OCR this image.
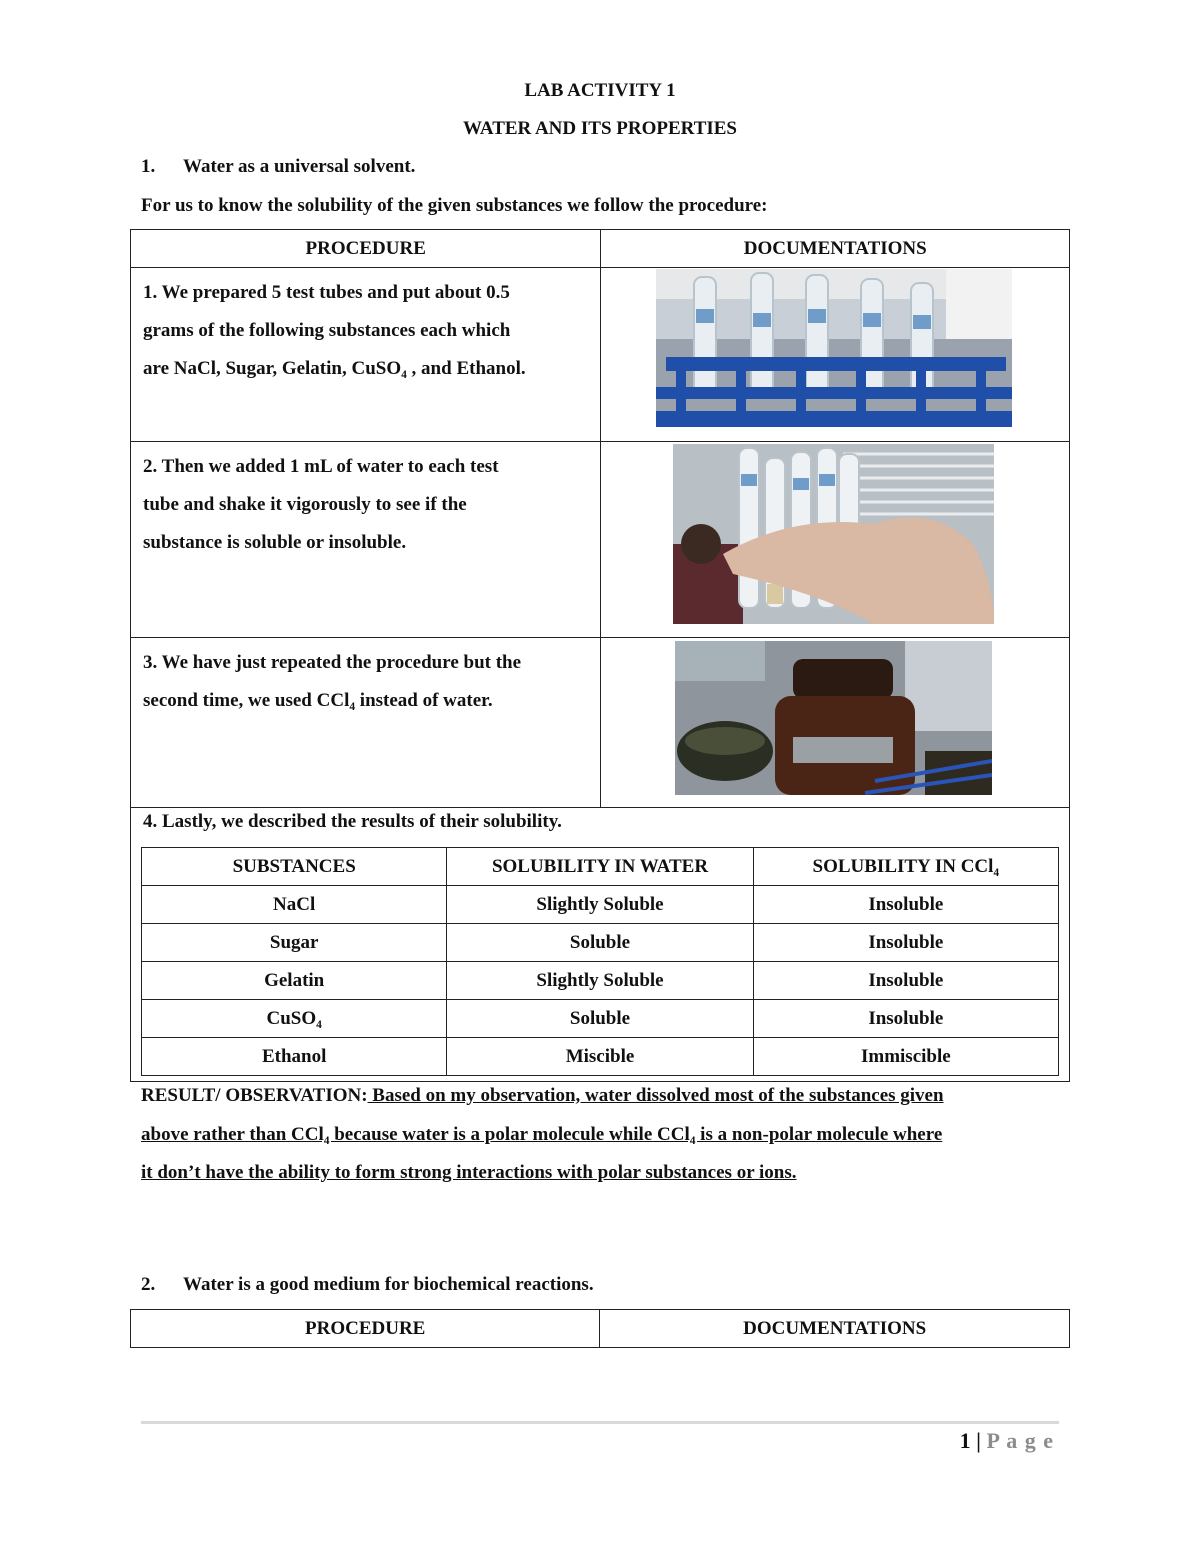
LAB ACTIVITY 1
WATER AND ITS PROPERTIES
1. Water as a universal solvent.
For us to know the solubility of the given substances we follow the procedure:
PROCEDURE	DOCUMENTATIONS

1. We prepared 5 test tubes and put about 0.5
grams of the following substances each which
are NaCl, Sugar, Gelatin, CuSO₄ , and Ethanol.	

2. Then we added 1 mL of water to each test
tube and shake it vigorously to see if the
substance is soluble or insoluble.	

3. We have just repeated the procedure but the
second time, we used CCl₄ instead of water.	

4. Lastly, we described the results of their solubility.	
SUBSTANCES	SOLUBILITY IN WATER	SOLUBILITY IN CCl₄
NaCl	Slightly Soluble	Insoluble
Sugar	Soluble	Insoluble
Gelatin	Slightly Soluble	Insoluble
CuSO₄	Soluble	Insoluble
Ethanol	Miscible	Immiscible
RESULT/ OBSERVATION: Based on my observation, water dissolved most of the substances given
above rather than CCl₄ because water is a polar molecule while CCl₄ is a non-polar molecule where
it don’t have the ability to form strong interactions with polar substances or ions.
2. Water is a good medium for biochemical reactions.
PROCEDURE	DOCUMENTATIONS
1 | P a g e
